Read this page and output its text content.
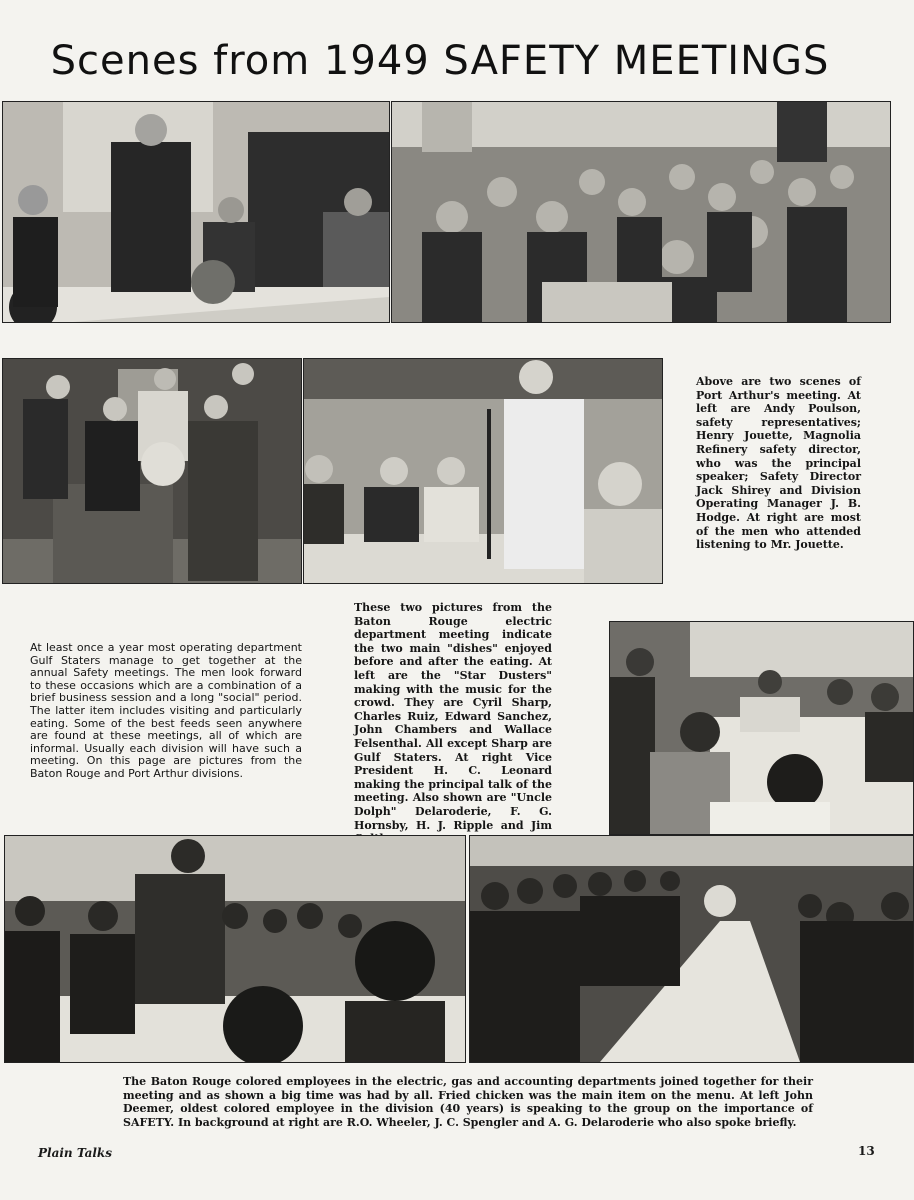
Scenes from 1949 SAFETY MEETINGS
Above are two scenes of Port Arthur's meeting. At left are Andy Poulson, safety representatives; Henry Jouette, Magnolia Refinery safety director, who was the principal speaker; Safety Director Jack Shirey and Division Operating Manager J. B. Hodge. At right are most of the men who attended listening to Mr. Jouette.
At least once a year most operating department Gulf Staters manage to get together at the annual Safety meetings. The men look forward to these occasions which are a combination of a brief business session and a long "social" period. The latter item includes visiting and particularly eating. Some of the best feeds seen anywhere are found at these meetings, all of which are informal. Usually each division will have such a meeting. On this page are pictures from the Baton Rouge and Port Arthur divisions.
These two pictures from the Baton Rouge electric department meeting indicate the two main "dishes" enjoyed before and after the eating. At left are the "Star Dusters" making with the music for the crowd. They are Cyril Sharp, Charles Ruiz, Edward Sanchez, John Chambers and Wallace Felsenthal. All except Sharp are Gulf Staters. At right Vice President H. C. Leonard making the principal talk of the meeting. Also shown are "Uncle Dolph" Delaroderie, F. G. Hornsby, H. J. Ripple and Jim
The Baton Rouge colored employees in the electric, gas and accounting departments joined together for their meeting and as shown a big time was had by all. Fried chicken was the main item on the menu. At left John Deemer, oldest colored employee in the division (40 years) is speaking to the group on the importance of SAFETY. In background at right are R.O. Wheeler, J. C. Spengler and A. G. Delaroderie who also spoke briefly.
Plain Talks	13
